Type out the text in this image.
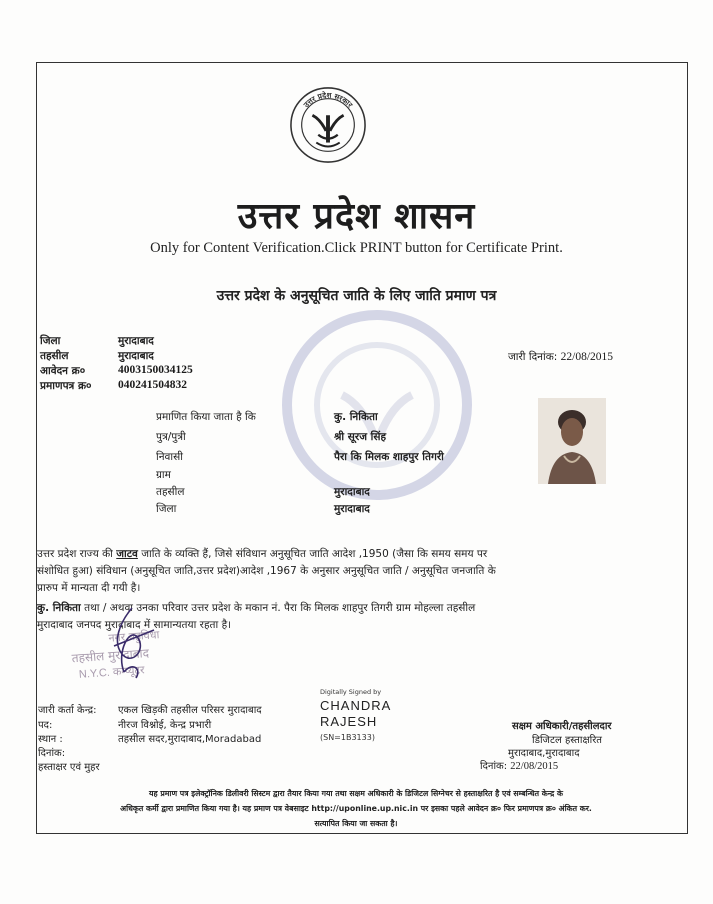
उत्तर प्रदेश सरकार
उत्तर प्रदेश शासन
Only for Content Verification.Click PRINT button for Certificate Print.
उत्तर प्रदेश के अनुसूचित जाति के लिए जाति प्रमाण पत्र
जिला	मुरादाबाद
तहसील	मुरादाबाद
आवेदन क्र०	4003150034125
प्रमाणपत्र क्र० 040241504832
जारी दिनांक: 22/08/2015
प्रमाणित किया जाता है कि	कु. निकिता
पुत्र/पुत्री	श्री सूरज सिंह
निवासी	पैरा कि मिलक शाहपुर तिगरी
ग्राम
तहसील	मुरादाबाद
जिला	मुरादाबाद
उत्तर प्रदेश राज्य की जाटव जाति के व्यक्ति हैं, जिसे संविधान अनुसूचित जाति आदेश ,1950 (जैसा कि समय समय पर
संशोधित हुआ) संविधान (अनुसूचित जाति,उत्तर प्रदेश)आदेश ,1967 के अनुसार अनुसूचित जाति / अनुसूचित जनजाति के
प्रारुप में मान्यता दी गयी है।
कु. निकिता तथा / अथवा उनका परिवार उत्तर प्रदेश के मकान नं. पैरा कि मिलक शाहपुर तिगरी ग्राम मोहल्ला तहसील
मुरादाबाद जनपद मुरादाबाद में सामान्यतया रहता है।
नगर बहुविधा
तहसील मुरादाबाद
N.Y.C. कम्प्यूटर
जारी कर्ता केन्द्र: एकल खिड़की तहसील परिसर मुरादाबाद
पद:	नीरज विश्नोई, केन्द्र प्रभारी
स्थान :	तहसील सदर,मुरादाबाद,Moradabad
दिनांक:
हस्ताक्षर एवं मुहर
Digitally Signed by
CHANDRA
RAJESH
(SN=1B3133)
सक्षम अधिकारी/तहसीलदार
डिजिटल हस्ताक्षरित
मुरादाबाद,मुरादाबाद
दिनांक: 22/08/2015
यह प्रमाण पत्र इलेक्ट्रॉनिक डिलीवरी सिस्टम द्वारा तैयार किया गया तथा सक्षम अधिकारी के डिजिटल सिग्नेचर से हस्ताक्षरित है एवं सम्बन्धित केन्द्र के
अधिकृत कर्मी द्वारा प्रमाणित किया गया है। यह प्रमाण पत्र वेबसाइट http://uponline.up.nic.in पर इसका पहले आवेदन क्र० फिर प्रमाणपत्र क्र० अंकित कर.
सत्यापित किया जा सकता है।
